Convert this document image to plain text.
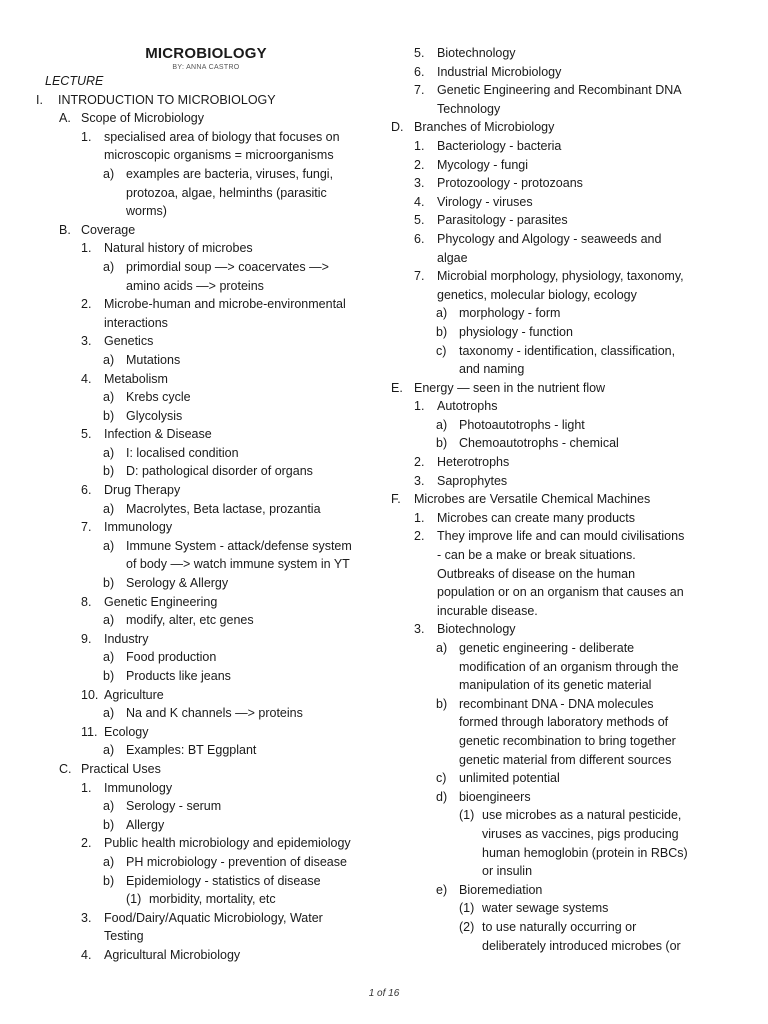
MICROBIOLOGY
BY: ANNA CASTRO
LECTURE
I. INTRODUCTION TO MICROBIOLOGY
A. Scope of Microbiology
1. specialised area of biology that focuses on
microscopic organisms = microorganisms
a) examples are bacteria, viruses, fungi,
protozoa, algae, helminths (parasitic
worms)
B. Coverage
1. Natural history of microbes
a) primordial soup —> coacervates —>
amino acids —> proteins
2. Microbe-human and microbe-environmental
interactions
3. Genetics
a) Mutations
4. Metabolism
a) Krebs cycle
b) Glycolysis
5. Infection & Disease
a) I: localised condition
b) D: pathological disorder of organs
6. Drug Therapy
a) Macrolytes, Beta lactase, prozantia
7. Immunology
a) Immune System - attack/defense system
of body —> watch immune system in YT
b) Serology & Allergy
8. Genetic Engineering
a) modify, alter, etc genes
9. Industry
a) Food production
b) Products like jeans
10. Agriculture
a) Na and K channels —> proteins
11. Ecology
a) Examples: BT Eggplant
C. Practical Uses
1. Immunology
a) Serology - serum
b) Allergy
2. Public health microbiology and epidemiology
a) PH microbiology - prevention of disease
b) Epidemiology - statistics of disease
(1) morbidity, mortality, etc
3. Food/Dairy/Aquatic Microbiology, Water
Testing
4. Agricultural Microbiology
5. Biotechnology
6. Industrial Microbiology
7. Genetic Engineering and Recombinant DNA
Technology
D. Branches of Microbiology
1. Bacteriology - bacteria
2. Mycology - fungi
3. Protozoology - protozoans
4. Virology - viruses
5. Parasitology - parasites
6. Phycology and Algology - seaweeds and
algae
7. Microbial morphology, physiology, taxonomy,
genetics, molecular biology, ecology
a) morphology - form
b) physiology - function
c) taxonomy - identification, classification,
and naming
E. Energy — seen in the nutrient flow
1. Autotrophs
a) Photoautotrophs - light
b) Chemoautotrophs - chemical
2. Heterotrophs
3. Saprophytes
F. Microbes are Versatile Chemical Machines
1. Microbes can create many products
2. They improve life and can mould civilisations
- can be a make or break situations.
Outbreaks of disease on the human
population or on an organism that causes an
incurable disease.
3. Biotechnology
a) genetic engineering - deliberate
modification of an organism through the
manipulation of its genetic material
b) recombinant DNA - DNA molecules
formed through laboratory methods of
genetic recombination to bring together
genetic material from different sources
c) unlimited potential
d) bioengineers
(1) use microbes as a natural pesticide,
viruses as vaccines, pigs producing
human hemoglobin (protein in RBCs)
or insulin
e) Bioremediation
(1) water sewage systems
(2) to use naturally occurring or
deliberately introduced microbes (or
1 of 16
